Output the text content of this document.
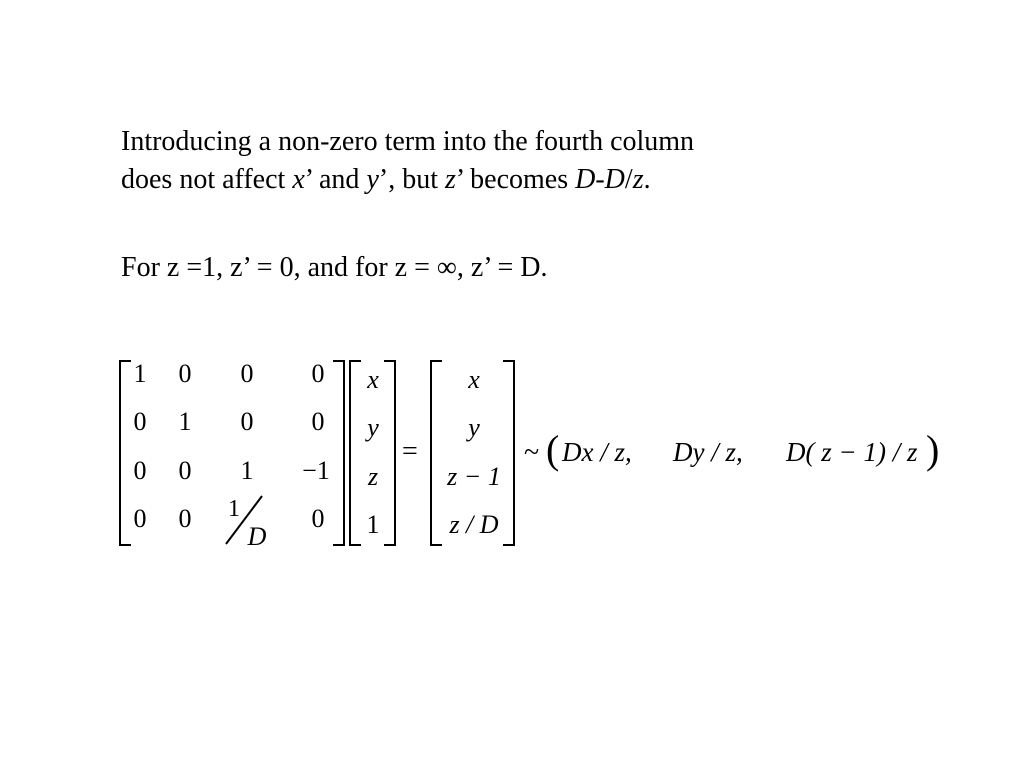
Introducing a non-zero term into the fourth column
does not affect x’ and y’, but z’ becomes D-D/z.

For z =1, z’ = 0, and for z = ∞, z’ = D.

1 0 0 0
0 1 0 0
0 0 1	−1
0 0	0
1
D
x
y
z
1
=
x
y
z − 1
z / D
~ ( Dx / z, Dy / z, D( z − 1) / z )
